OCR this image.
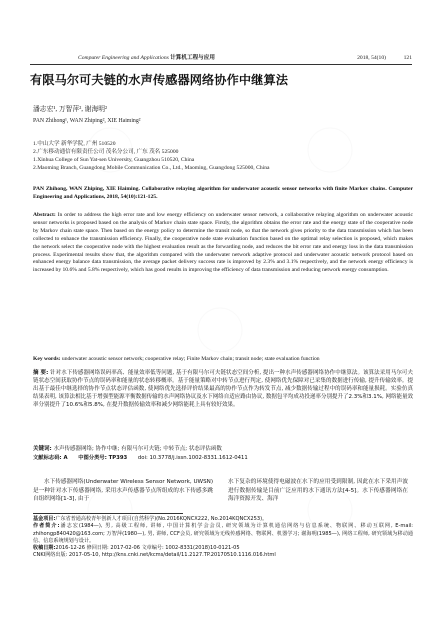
Computer Engineering and Applications 计算机工程与应用	2018, 54(10)	121
有限马尔可夫链的水声传感器网络协作中继算法
潘志宏¹, 万智萍², 谢海明²
PAN Zhihong¹, WAN Zhiping², XIE Haiming²
1.中山大学 新华学院, 广州 510520
2.广东移动通信有限责任公司 茂名分公司, 广东 茂名 525000
1.Xinhua College of Sun Yat-sen University, Guangzhou 510520, China
2.Maoming Branch, Guangdong Mobile Communication Co., Ltd., Maoming, Guangdong 525000, China
PAN Zhihong, WAN Zhiping, XIE Haiming. Collaborative relaying algorithm for underwater acoustic sensor networks with finite Markov chains. Computer Engineering and Applications, 2018, 54(10):121-125.
Abstract: In order to address the high error rate and low energy efficiency on underwater sensor network, a collaborative relaying algorithm on underwater acoustic sensor networks is proposed based on the analysis of Markov chain state space. Firstly, the algorithm obtains the error rate and the energy state of the cooperative node by Markov chain state space. Then based on the energy policy to determine the transit node, so that the network gives priority to the data transmission which has been collected to enhance the transmission efficiency. Finally, the cooperative node state evaluation function based on the optimal relay selection is proposed, which makes the network select the cooperative node with the highest evaluation result as the forwarding node, and reduces the bit error rate and energy loss in the data transmission process. Experimental results show that, the algorithm compared with the underwater network adaptive protocol and underwater acoustic network protocol based on enhanced energy balance data transmission, the average packet delivery success rate is improved by 2.3% and 3.1% respectively, and the network energy efficiency is increased by 10.6% and 5.8% respectively, which has good results in improving the efficiency of data transmission and reducing network energy consumption.
Key words: underwater acoustic sensor network; cooperative relay; Finite Markov chain; transit node; state evaluation function
摘 要: 针对水下传感器网络误码率高、能量效率低等问题, 基于有限马尔可夫链状态空间分析, 提出一种水声传感器网络协作中继算法。该算法采用马尔可夫链状态空间获取协作节点的误码率和能量的状态转移概率。基于能量策略对中转节点进行判定, 使网络优先保障对已采集的数据进行传输, 提升传输效率。提出基于最佳中继选择的协作节点状态评估函数, 使网络优先选择评价结果最高的协作节点作为转发节点, 减少数据传输过程中的误码率和能量损耗。实验仿真结果表明, 该算法相比基于增强型能源平衡数据传输的水声网络协议及水下网络自适应路由协议, 数据包平均成功投递率分别提升了2.3%和3.1%, 网络能量效率分别提升了10.6%和5.8%, 在提升数据传输效率和减少网络能耗上具有较好效果。
关键词: 水声传感器网络; 协作中继; 有限马尔可夫链; 中转节点; 状态评估函数
文献标志码: A 中图分类号: TP393 doi: 10.3778/j.issn.1002-8331.1612-0411
水下传感器网络(Underwater Wireless Sensor Network, UWSN)是一种针对水下传感器网络, 采用水声传感器节点所组成的水下传感多跳自组织网络[1-3], 由于
水下复杂的环境使得电磁波在水下的应用受到限制, 因此在水下采用声波进行数据传输是目前广泛应用的水下通讯方法[4-5]。水下传感器网络在海洋资源开发、海洋
基金项目:广东省普通高校青年创新人才项目(自然科学)(No.2016KQNCX222, No.2014KQNCX253)。
作者简介:潘志宏(1984—), 男, 高级工程师, 讲师, 中国计算机学会会员, 研究领域为计算机通信网络与信息系统、物联网、移动互联网, E-mail: zhihongp840420@163.com; 万智萍(1980—), 男, 讲师, CCF会员, 研究领域为无线传感网络、物联网、机器学习; 谢海明(1985—), 网络工程师, 研究领域为移动通信、信息系统规划与设计。
收稿日期:2016-12-26 修回日期: 2017-02-06 文章编号: 1002-8331(2018)10-0121-05
CNKI网络出版: 2017-05-10, http://kns.cnki.net/kcms/detail/11.2127.TP.20170510.1116.016.html
